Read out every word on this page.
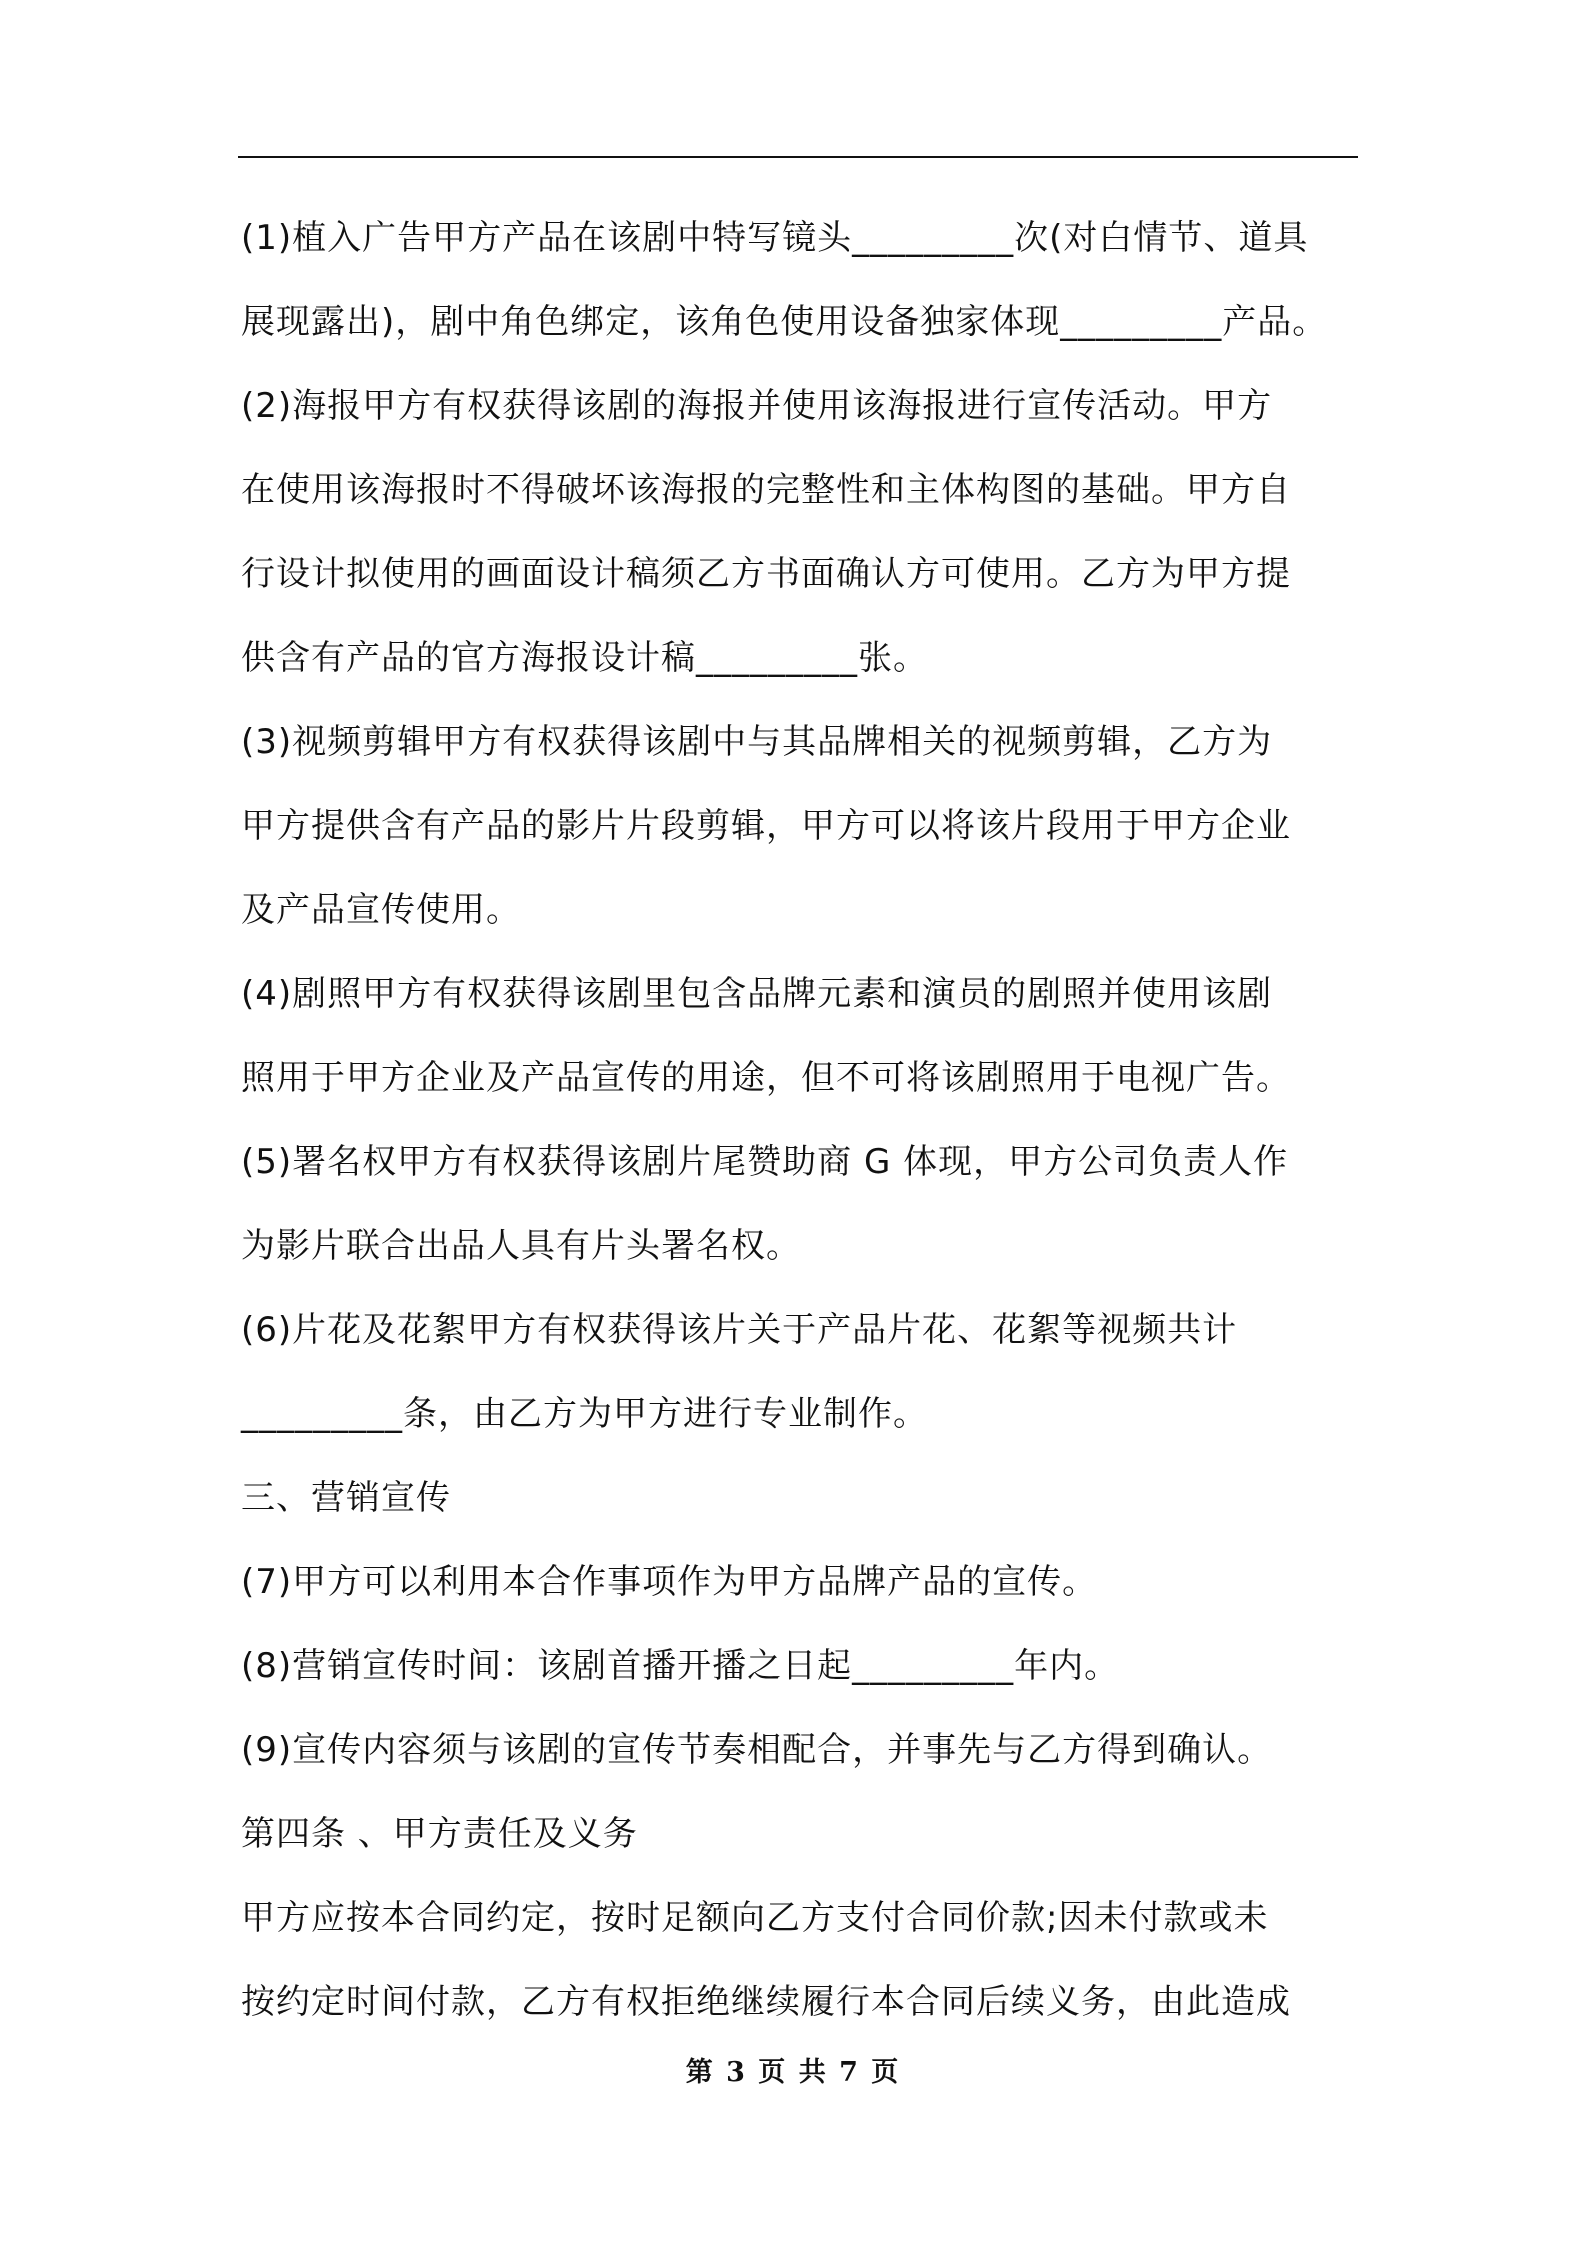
(1)植入广告甲方产品在该剧中特写镜头_________次(对白情节、道具
展现露出)，剧中角色绑定，该角色使用设备独家体现_________产品。
(2)海报甲方有权获得该剧的海报并使用该海报进行宣传活动。甲方
在使用该海报时不得破坏该海报的完整性和主体构图的基础。甲方自
行设计拟使用的画面设计稿须乙方书面确认方可使用。乙方为甲方提
供含有产品的官方海报设计稿_________张。
(3)视频剪辑甲方有权获得该剧中与其品牌相关的视频剪辑，乙方为
甲方提供含有产品的影片片段剪辑，甲方可以将该片段用于甲方企业
及产品宣传使用。
(4)剧照甲方有权获得该剧里包含品牌元素和演员的剧照并使用该剧
照用于甲方企业及产品宣传的用途，但不可将该剧照用于电视广告。
(5)署名权甲方有权获得该剧片尾赞助商 G 体现，甲方公司负责人作
为影片联合出品人具有片头署名权。
(6)片花及花絮甲方有权获得该片关于产品片花、花絮等视频共计
_________条，由乙方为甲方进行专业制作。
三、营销宣传
(7)甲方可以利用本合作事项作为甲方品牌产品的宣传。
(8)营销宣传时间：该剧首播开播之日起_________年内。
(9)宣传内容须与该剧的宣传节奏相配合，并事先与乙方得到确认。
第四条 、甲方责任及义务
甲方应按本合同约定，按时足额向乙方支付合同价款;因未付款或未
按约定时间付款，乙方有权拒绝继续履行本合同后续义务，由此造成
第 3 页 共 7 页
